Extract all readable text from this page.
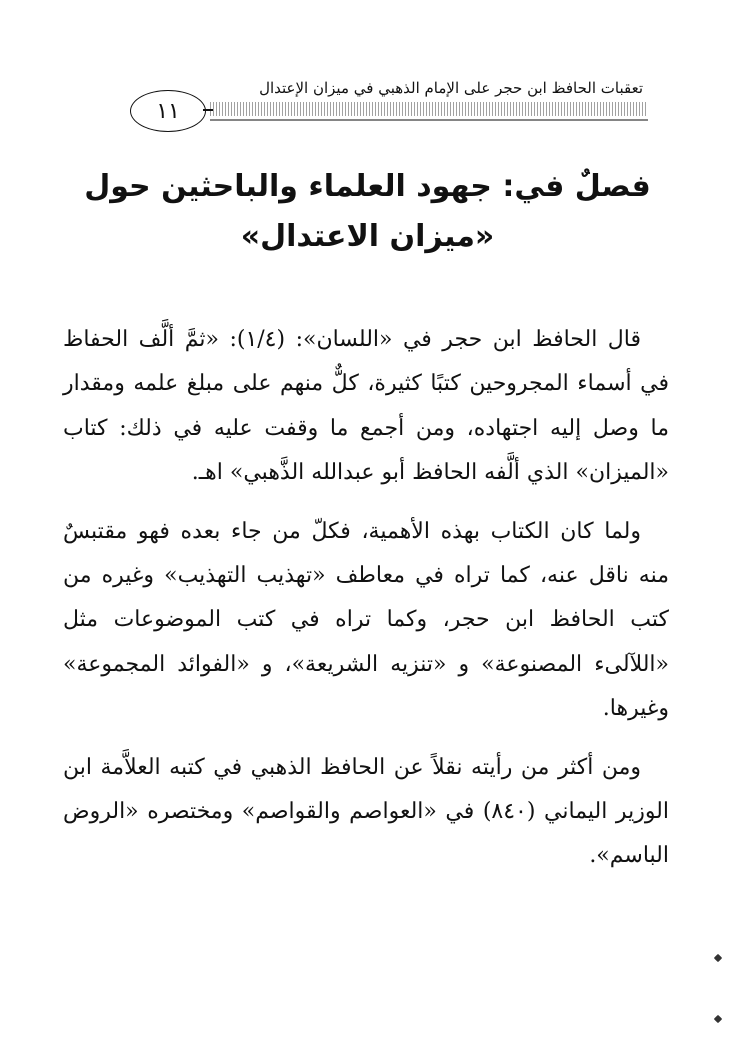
تعقبات الحافظ ابن حجر على الإمام الذهبي في ميزان الإعتدال
١١
فصلٌ في: جهود العلماء والباحثين حول
«ميزان الاعتدال»

قال الحافظ ابن حجر في «اللسان»: (١/٤): «ثمَّ ألَّف الحفاظ في أسماء المجروحين كتبًا كثيرة، كلٌّ منهم على مبلغ علمه ومقدار ما وصل إليه اجتهاده، ومن أجمع ما وقفت عليه في ذلك: كتاب «الميزان» الذي ألَّفه الحافظ أبو عبدالله الذَّهبي» اهـ.

ولما كان الكتاب بهذه الأهمية، فكلّ من جاء بعده فهو مقتبسٌ منه ناقل عنه، كما تراه في معاطف «تهذيب التهذيب» وغيره من كتب الحافظ ابن حجر، وكما تراه في كتب الموضوعات مثل «اللآلىء المصنوعة» و «تنزيه الشريعة»، و «الفوائد المجموعة» وغيرها.

ومن أكثر من رأيته نقلاً عن الحافظ الذهبي في كتبه العلاَّمة ابن الوزير اليماني (٨٤٠) في «العواصم والقواصم» ومختصره «الروض الباسم».
